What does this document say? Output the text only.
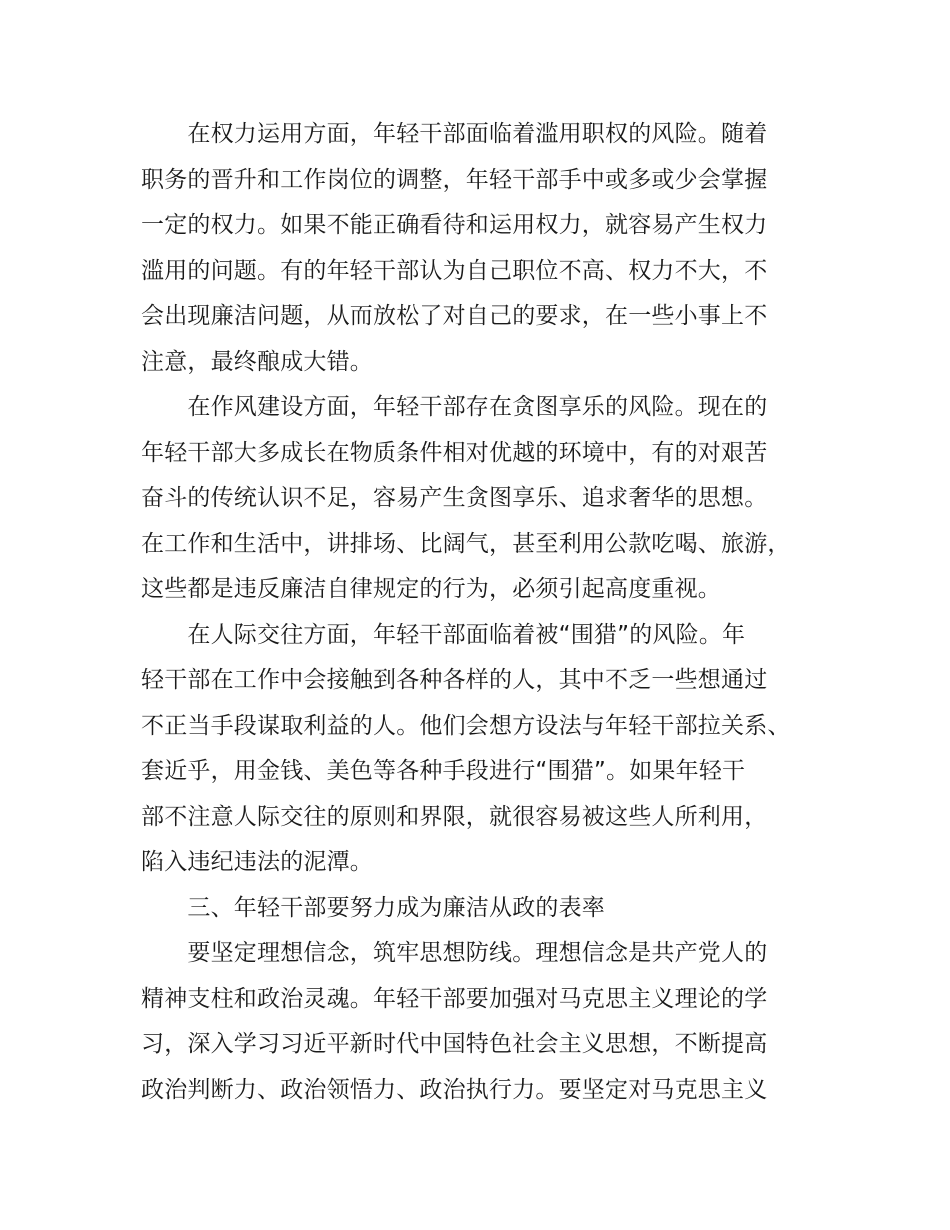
　　在权力运用方面，年轻干部面临着滥用职权的风险。随着
职务的晋升和工作岗位的调整，年轻干部手中或多或少会掌握
一定的权力。如果不能正确看待和运用权力，就容易产生权力
滥用的问题。有的年轻干部认为自己职位不高、权力不大，不
会出现廉洁问题，从而放松了对自己的要求，在一些小事上不
注意，最终酿成大错。
　　在作风建设方面，年轻干部存在贪图享乐的风险。现在的
年轻干部大多成长在物质条件相对优越的环境中，有的对艰苦
奋斗的传统认识不足，容易产生贪图享乐、追求奢华的思想。
在工作和生活中，讲排场、比阔气，甚至利用公款吃喝、旅游，
这些都是违反廉洁自律规定的行为，必须引起高度重视。
　　在人际交往方面，年轻干部面临着被“围猎”的风险。年
轻干部在工作中会接触到各种各样的人，其中不乏一些想通过
不正当手段谋取利益的人。他们会想方设法与年轻干部拉关系、
套近乎，用金钱、美色等各种手段进行“围猎”。如果年轻干
部不注意人际交往的原则和界限，就很容易被这些人所利用，
陷入违纪违法的泥潭。
　　三、年轻干部要努力成为廉洁从政的表率
　　要坚定理想信念，筑牢思想防线。理想信念是共产党人的
精神支柱和政治灵魂。年轻干部要加强对马克思主义理论的学
习，深入学习习近平新时代中国特色社会主义思想，不断提高
政治判断力、政治领悟力、政治执行力。要坚定对马克思主义
